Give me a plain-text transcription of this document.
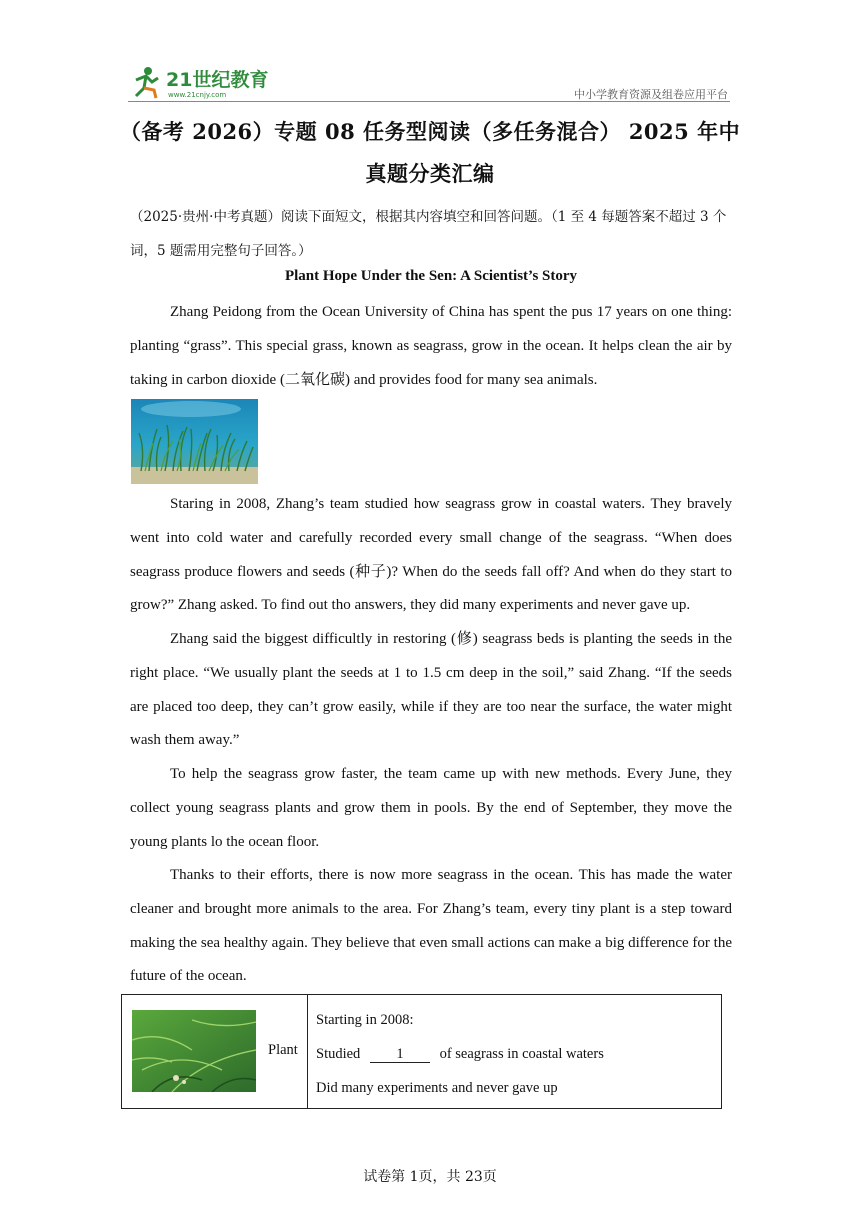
21世纪教育
www.21cnjy.com	中小学教育资源及组卷应用平台
（备考 2026）专题 08 任务型阅读（多任务混合） 2025 年中
真题分类汇编
（2025·贵州·中考真题）阅读下面短文，根据其内容填空和回答问题。（1 至 4 每题答案不超过 3 个词，5 题需用完整句子回答。）
Plant Hope Under the Sen: A Scientist’s Story

Zhang Peidong from the Ocean University of China has spent the pus 17 years on one thing: planting “grass”. This special grass, known as seagrass, grow in the ocean. It helps clean the air by taking in carbon dioxide (二氧化碳) and provides food for many sea animals.

Staring in 2008, Zhang’s team studied how seagrass grow in coastal waters. They bravely went into cold water and carefully recorded every small change of the seagrass. “When does seagrass produce flowers and seeds (种子)? When do the seeds fall off? And when do they start to grow?” Zhang asked. To find out tho answers, they did many experiments and never gave up.

Zhang said the biggest difficultly in restoring (修) seagrass beds is planting the seeds in the right place. “We usually plant the seeds at 1 to 1.5 cm deep in the soil,” said Zhang. “If the seeds are placed too deep, they can’t grow easily, while if they are too near the surface, the water might wash them away.”

To help the seagrass grow faster, the team came up with new methods. Every June, they collect young seagrass plants and grow them in pools. By the end of September, they move the young plants lo the ocean floor.

Thanks to their efforts, there is now more seagrass in the ocean. This has made the water cleaner and brought more animals to the area. For Zhang’s team, every tiny plant is a step toward making the sea healthy again. They believe that even small actions can make a big difference for the future of the ocean.

Plant
Starting in 2008:
Studied 1 of seagrass in coastal waters
Did many experiments and never gave up
试卷第 1页，共 23页
